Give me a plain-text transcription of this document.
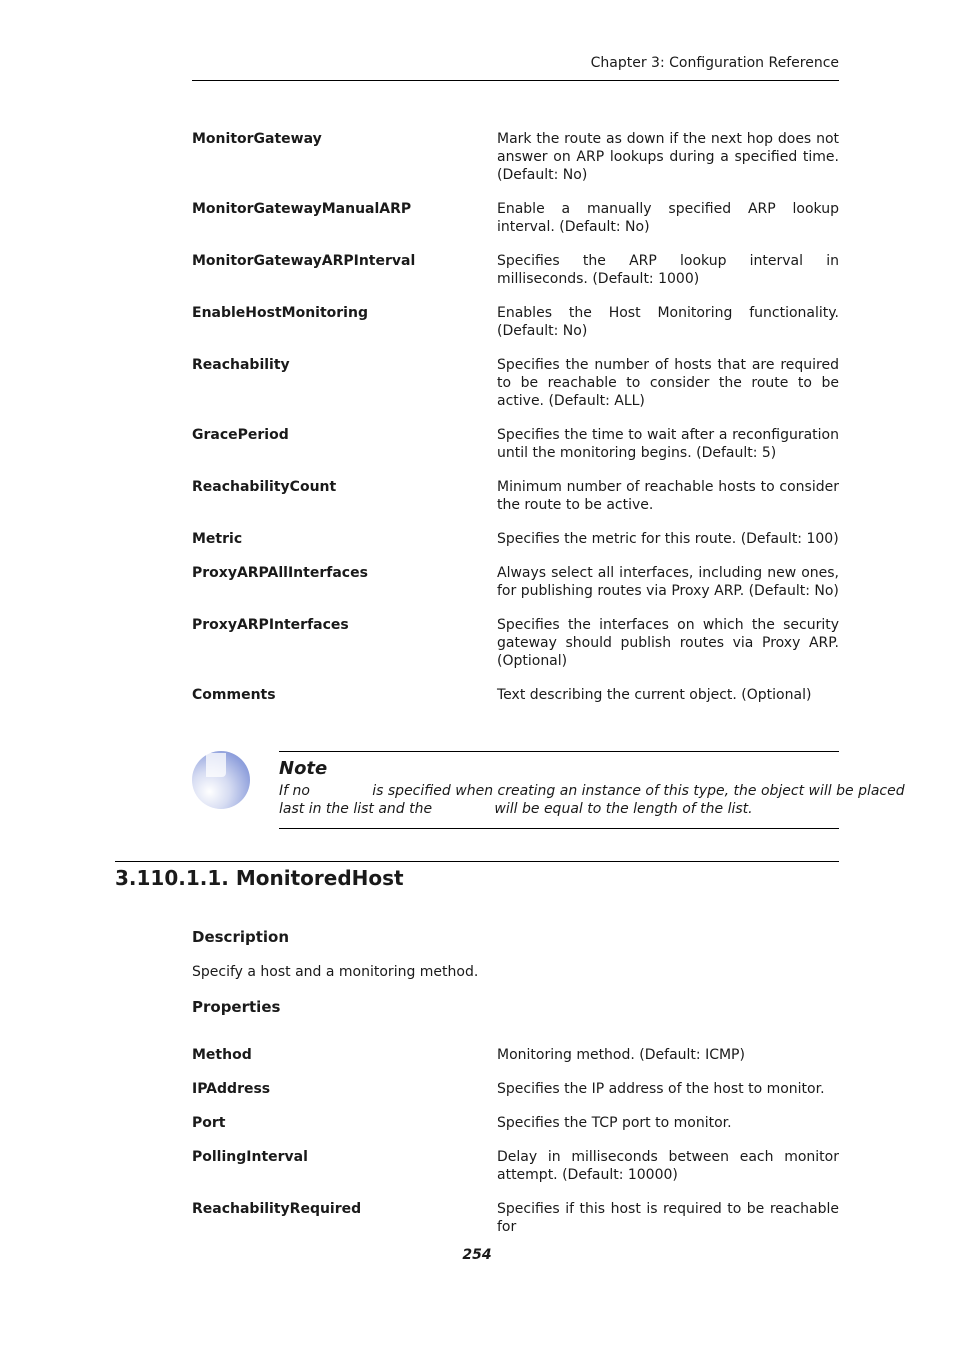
Chapter 3: Configuration Reference
MonitorGateway	Mark the route as down if the next hop does not answer on ARP lookups during a specified time. (Default: No)
MonitorGatewayManualARP	Enable a manually specified ARP lookup interval. (Default: No)
MonitorGatewayARPInterval	Specifies the ARP lookup interval in milliseconds. (Default: 1000)
EnableHostMonitoring	Enables the Host Monitoring functionality. (Default: No)
Reachability	Specifies the number of hosts that are required to be reachable to consider the route to be active. (Default: ALL)
GracePeriod	Specifies the time to wait after a reconfiguration until the monitoring begins. (Default: 5)
ReachabilityCount	Minimum number of reachable hosts to consider the route to be active.
Metric	Specifies the metric for this route. (Default: 100)
ProxyARPAllInterfaces	Always select all interfaces, including new ones, for publishing routes via Proxy ARP. (Default: No)
ProxyARPInterfaces	Specifies the interfaces on which the security gateway should publish routes via Proxy ARP. (Optional)
Comments	Text describing the current object. (Optional)
Note
If no              is specified when creating an instance of this type, the object will be placed
last in the list and the              will be equal to the length of the list.
3.110.1.1. MonitoredHost
Description
Specify a host and a monitoring method.
Properties
Method	Monitoring method. (Default: ICMP)
IPAddress	Specifies the IP address of the host to monitor.
Port	Specifies the TCP port to monitor.
PollingInterval	Delay in milliseconds between each monitor attempt. (Default: 10000)
ReachabilityRequired	Specifies if this host is required to be reachable for
254
